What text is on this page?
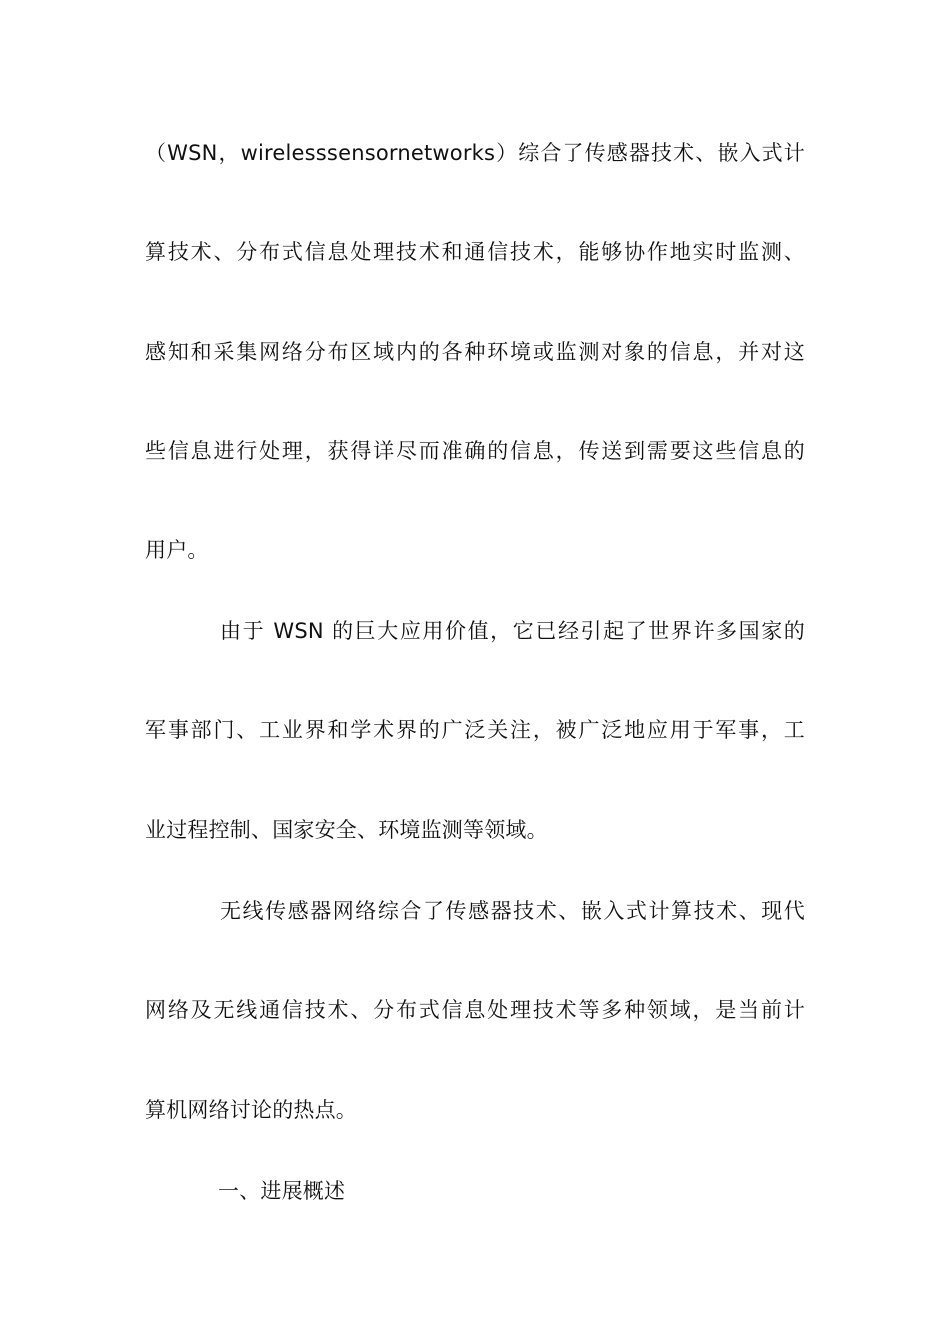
（WSN，wirelesssensornetworks）综合了传感器技术、嵌入式计
算技术、分布式信息处理技术和通信技术，能够协作地实时监测、
感知和采集网络分布区域内的各种环境或监测对象的信息，并对这
些信息进行处理，获得详尽而准确的信息，传送到需要这些信息的
用户。
由于 WSN 的巨大应用价值，它已经引起了世界许多国家的
军事部门、工业界和学术界的广泛关注，被广泛地应用于军事，工
业过程控制、国家安全、环境监测等领域。
无线传感器网络综合了传感器技术、嵌入式计算技术、现代
网络及无线通信技术、分布式信息处理技术等多种领域，是当前计
算机网络讨论的热点。
一、进展概述
